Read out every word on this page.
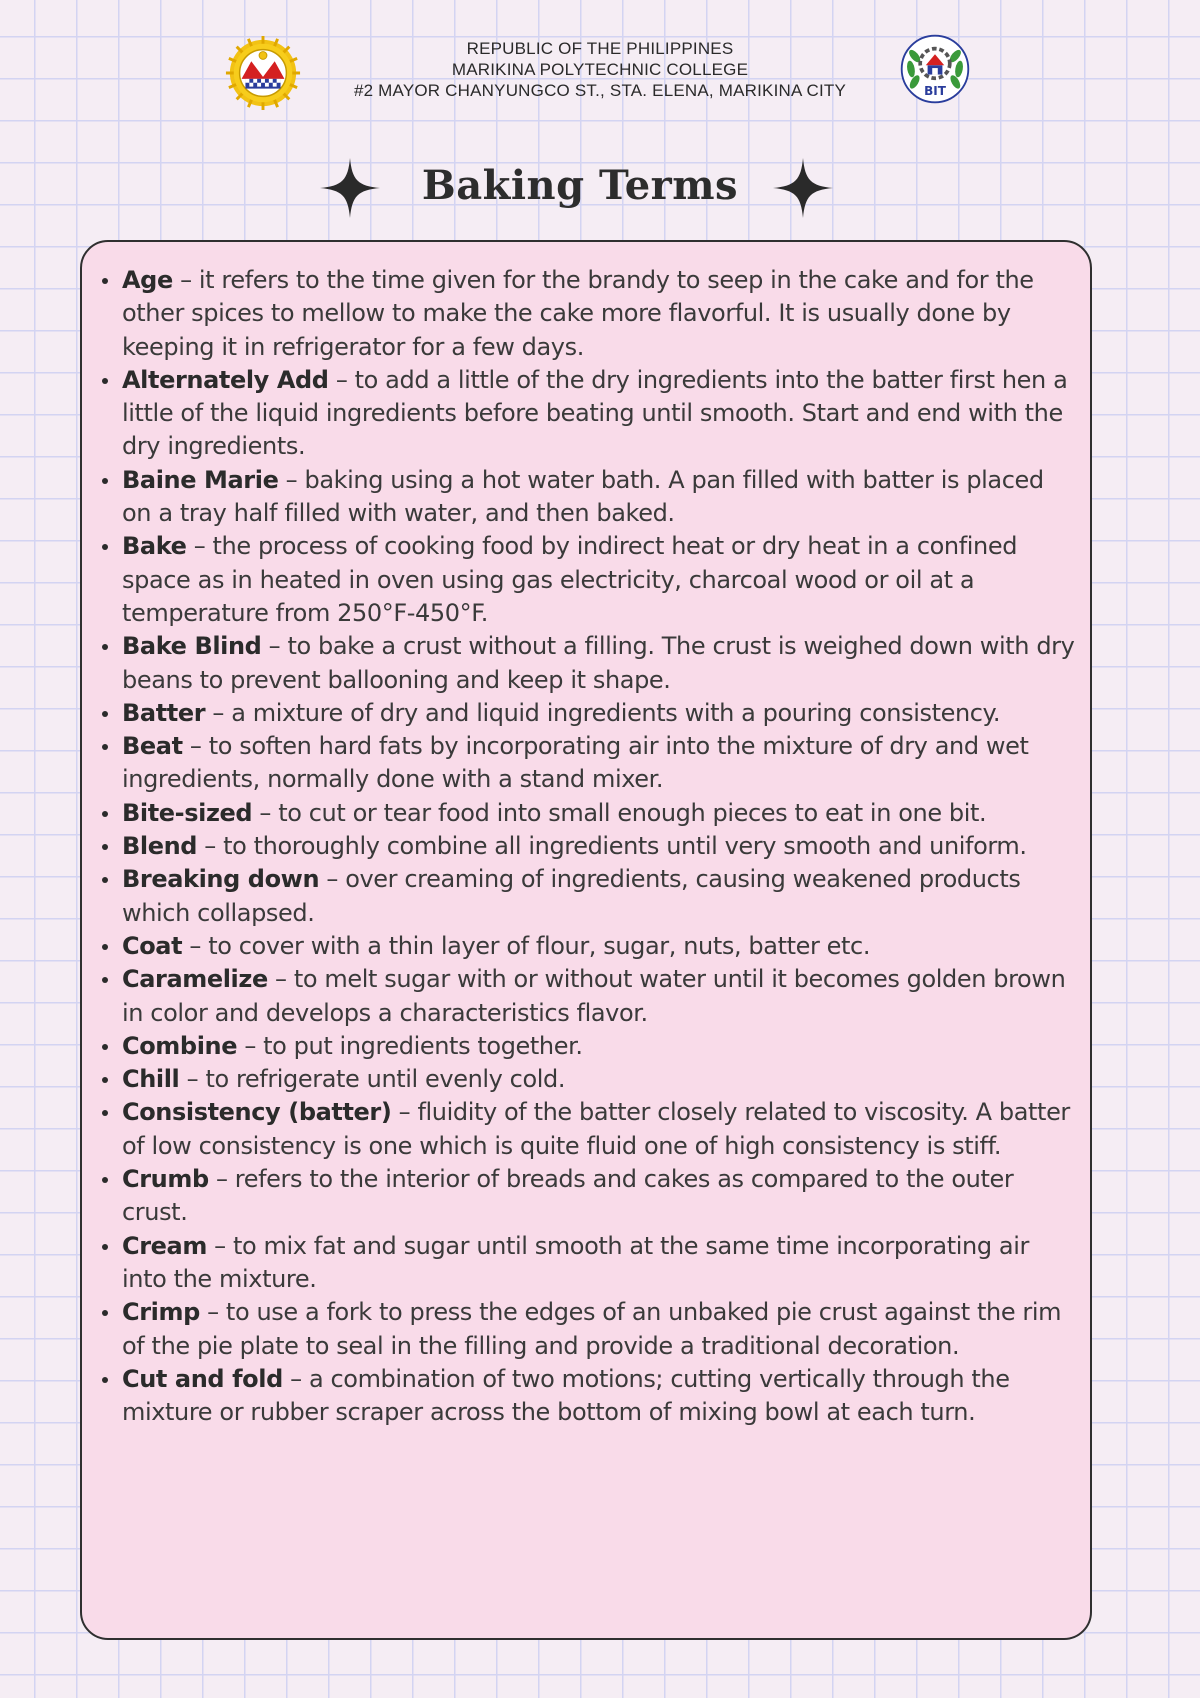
REPUBLIC OF THE PHILIPPINES
MARIKINA POLYTECHNIC COLLEGE
#2 MAYOR CHANYUNGCO ST., STA. ELENA, MARIKINA CITY	BIT
Baking Terms
Age – it refers to the time given for the brandy to seep in the cake and for the other spices to mellow to make the cake more flavorful. It is usually done by keeping it in refrigerator for a few days.
Alternately Add – to add a little of the dry ingredients into the batter first hen a little of the liquid ingredients before beating until smooth. Start and end with the dry ingredients.
Baine Marie – baking using a hot water bath. A pan filled with batter is placed on a tray half filled with water, and then baked.
Bake – the process of cooking food by indirect heat or dry heat in a confined space as in heated in oven using gas electricity, charcoal wood or oil at a temperature from 250°F-450°F.
Bake Blind – to bake a crust without a filling. The crust is weighed down with dry beans to prevent ballooning and keep it shape.
Batter – a mixture of dry and liquid ingredients with a pouring consistency.
Beat – to soften hard fats by incorporating air into the mixture of dry and wet ingredients, normally done with a stand mixer.
Bite-sized – to cut or tear food into small enough pieces to eat in one bit.
Blend – to thoroughly combine all ingredients until very smooth and uniform.
Breaking down – over creaming of ingredients, causing weakened products which collapsed.
Coat – to cover with a thin layer of flour, sugar, nuts, batter etc.
Caramelize – to melt sugar with or without water until it becomes golden brown in color and develops a characteristics flavor.
Combine – to put ingredients together.
Chill – to refrigerate until evenly cold.
Consistency (batter) – fluidity of the batter closely related to viscosity. A batter of low consistency is one which is quite fluid one of high consistency is stiff.
Crumb – refers to the interior of breads and cakes as compared to the outer crust.
Cream – to mix fat and sugar until smooth at the same time incorporating air into the mixture.
Crimp – to use a fork to press the edges of an unbaked pie crust against the rim of the pie plate to seal in the filling and provide a traditional decoration.
Cut and fold – a combination of two motions; cutting vertically through the mixture or rubber scraper across the bottom of mixing bowl at each turn.
